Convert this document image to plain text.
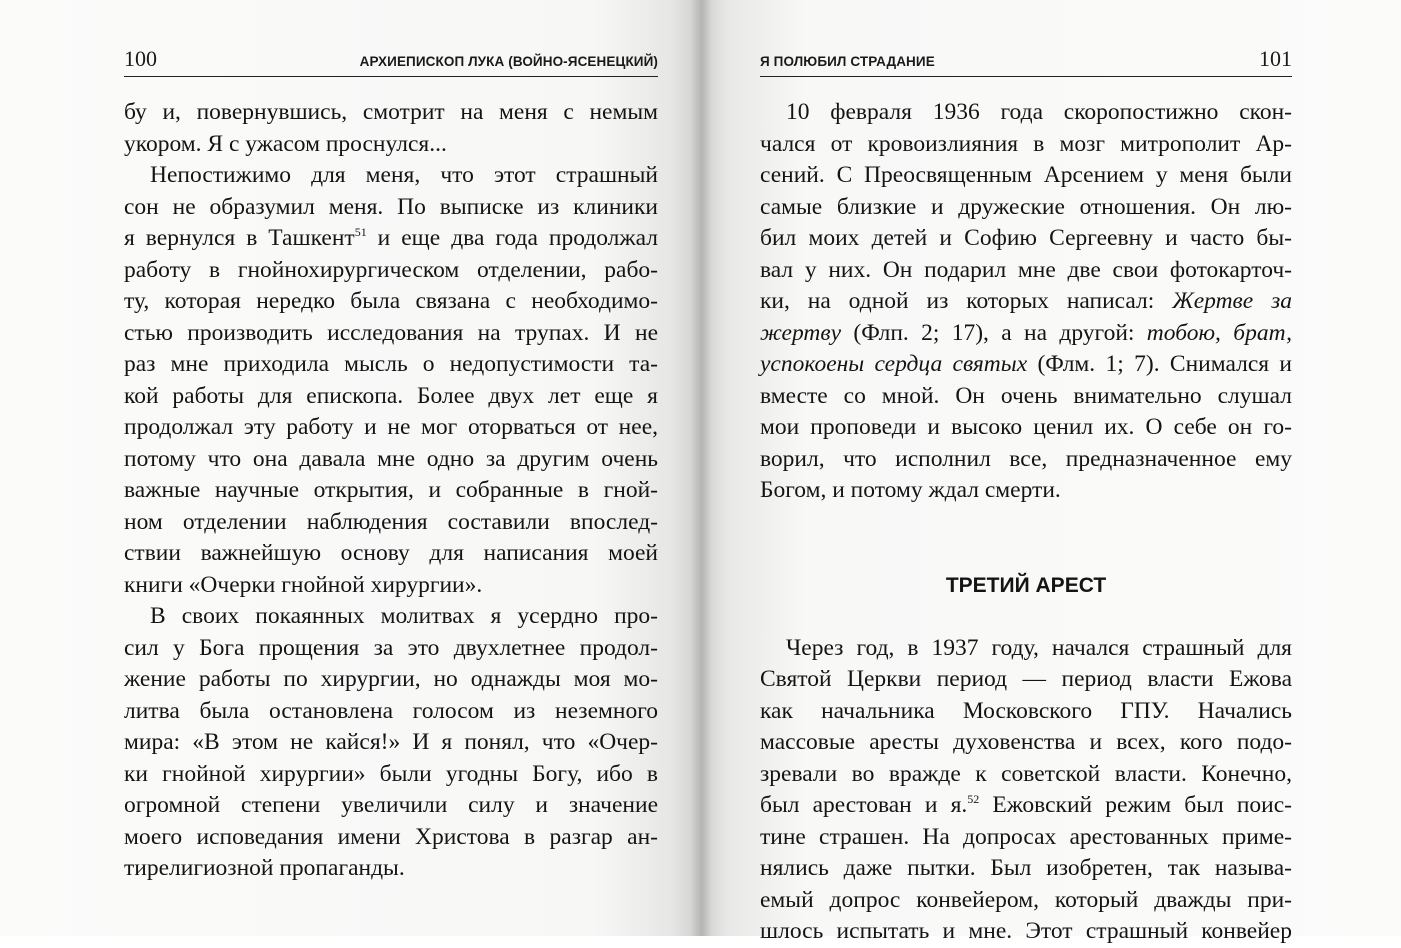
100	АРХИЕПИСКОП ЛУКА (ВОЙНО-ЯСЕНЕЦКИЙ)
бу и, повернувшись, смотрит на меня с немым
укором. Я с ужасом проснулся...
Непостижимо для меня, что этот страшный
сон не образумил меня. По выписке из клиники
я вернулся в Ташкент$^{51}$ и еще два года продолжал
работу в гнойнохирургическом отделении, рабо-
ту, которая нередко была связана с необходимо-
стью производить исследования на трупах. И не
раз мне приходила мысль о недопустимости та-
кой работы для епископа. Более двух лет еще я
продолжал эту работу и не мог оторваться от нее,
потому что она давала мне одно за другим очень
важные научные открытия, и собранные в гной-
ном отделении наблюдения составили впослед-
ствии важнейшую основу для написания моей
книги «Очерки гнойной хирургии».
В своих покаянных молитвах я усердно про-
сил у Бога прощения за это двухлетнее продол-
жение работы по хирургии, но однажды моя мо-
литва была остановлена голосом из неземного
мира: «В этом не кайся!» И я понял, что «Очер-
ки гнойной хирургии» были угодны Богу, ибо в
огромной степени увеличили силу и значение
моего исповедания имени Христова в разгар ан-
тирелигиозной пропаганды.
Я ПОЛЮБИЛ СТРАДАНИЕ	101
10 февраля 1936 года скоропостижно скон-
чался от кровоизлияния в мозг митрополит Ар-
сений. С Преосвященным Арсением у меня были
самые близкие и дружеские отношения. Он лю-
бил моих детей и Софию Сергеевну и часто бы-
вал у них. Он подарил мне две свои фотокарточ-
ки, на одной из которых написал: Жертве за
жертву (Флп. 2; 17), а на другой: тобою, брат,
успокоены сердца святых (Флм. 1; 7). Снимался и
вместе со мной. Он очень внимательно слушал
мои проповеди и высоко ценил их. О себе он го-
ворил, что исполнил все, предназначенное ему
Богом, и потому ждал смерти.
ТРЕТИЙ АРЕСТ
Через год, в 1937 году, начался страшный для
Святой Церкви период — период власти Ежова
как начальника Московского ГПУ. Начались
массовые аресты духовенства и всех, кого подо-
зревали во вражде к советской власти. Конечно,
был арестован и я.$^{52}$ Ежовский режим был поис-
тине страшен. На допросах арестованных приме-
нялись даже пытки. Был изобретен, так называ-
емый допрос конвейером, который дважды при-
шлось испытать и мне. Этот страшный конвейер
